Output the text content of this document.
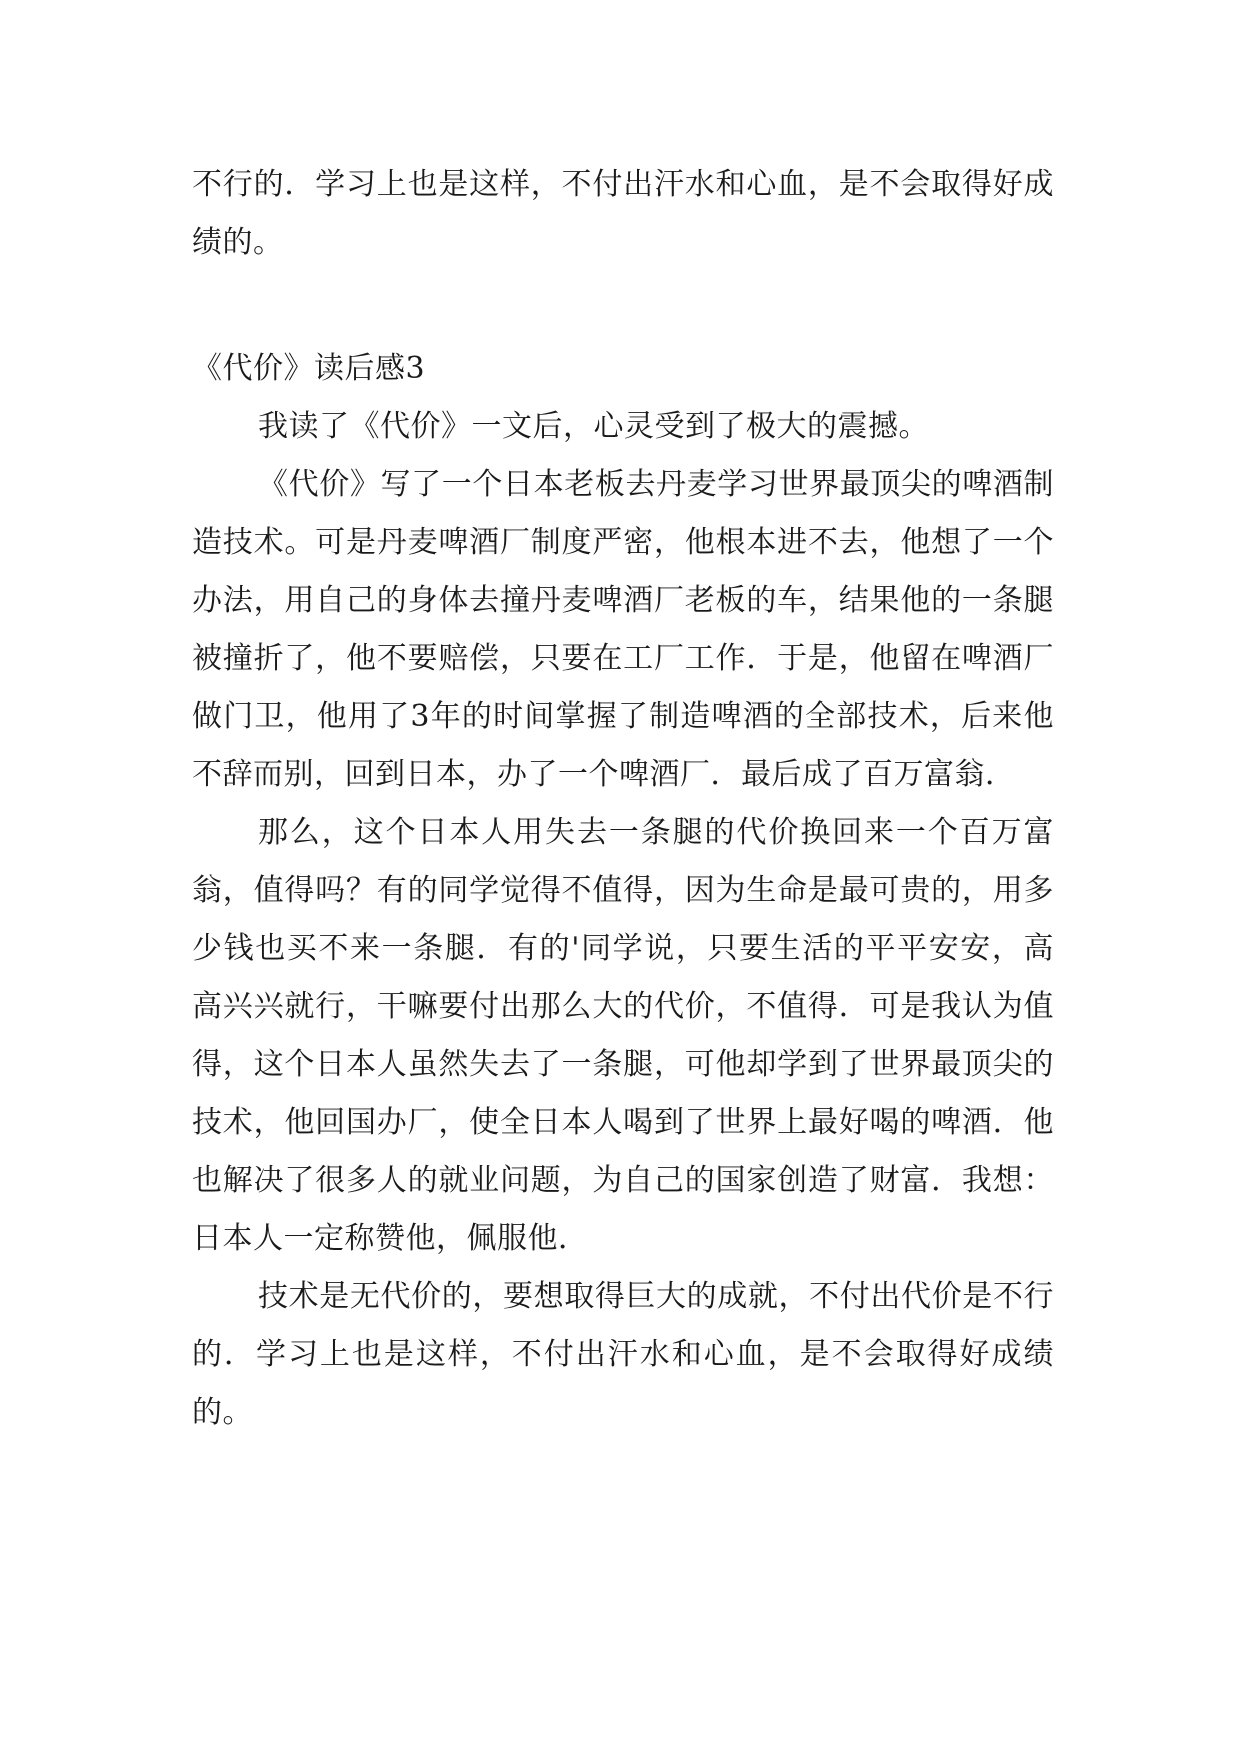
不行的．学习上也是这样，不付出汗水和心血，是不会取得好成绩的。

《代价》读后感3

我读了《代价》一文后，心灵受到了极大的震撼。

《代价》写了一个日本老板去丹麦学习世界最顶尖的啤酒制造技术。可是丹麦啤酒厂制度严密，他根本进不去，他想了一个办法，用自己的身体去撞丹麦啤酒厂老板的车，结果他的一条腿被撞折了，他不要赔偿，只要在工厂工作．于是，他留在啤酒厂做门卫，他用了3年的时间掌握了制造啤酒的全部技术，后来他不辞而别，回到日本，办了一个啤酒厂．最后成了百万富翁．

那么，这个日本人用失去一条腿的代价换回来一个百万富翁，值得吗？有的同学觉得不值得，因为生命是最可贵的，用多少钱也买不来一条腿．有的'同学说，只要生活的平平安安，高高兴兴就行，干嘛要付出那么大的代价，不值得．可是我认为值得，这个日本人虽然失去了一条腿，可他却学到了世界最顶尖的技术，他回国办厂，使全日本人喝到了世界上最好喝的啤酒．他也解决了很多人的就业问题，为自己的国家创造了财富．我想：日本人一定称赞他，佩服他．

技术是无代价的，要想取得巨大的成就，不付出代价是不行的．学习上也是这样，不付出汗水和心血，是不会取得好成绩的。
